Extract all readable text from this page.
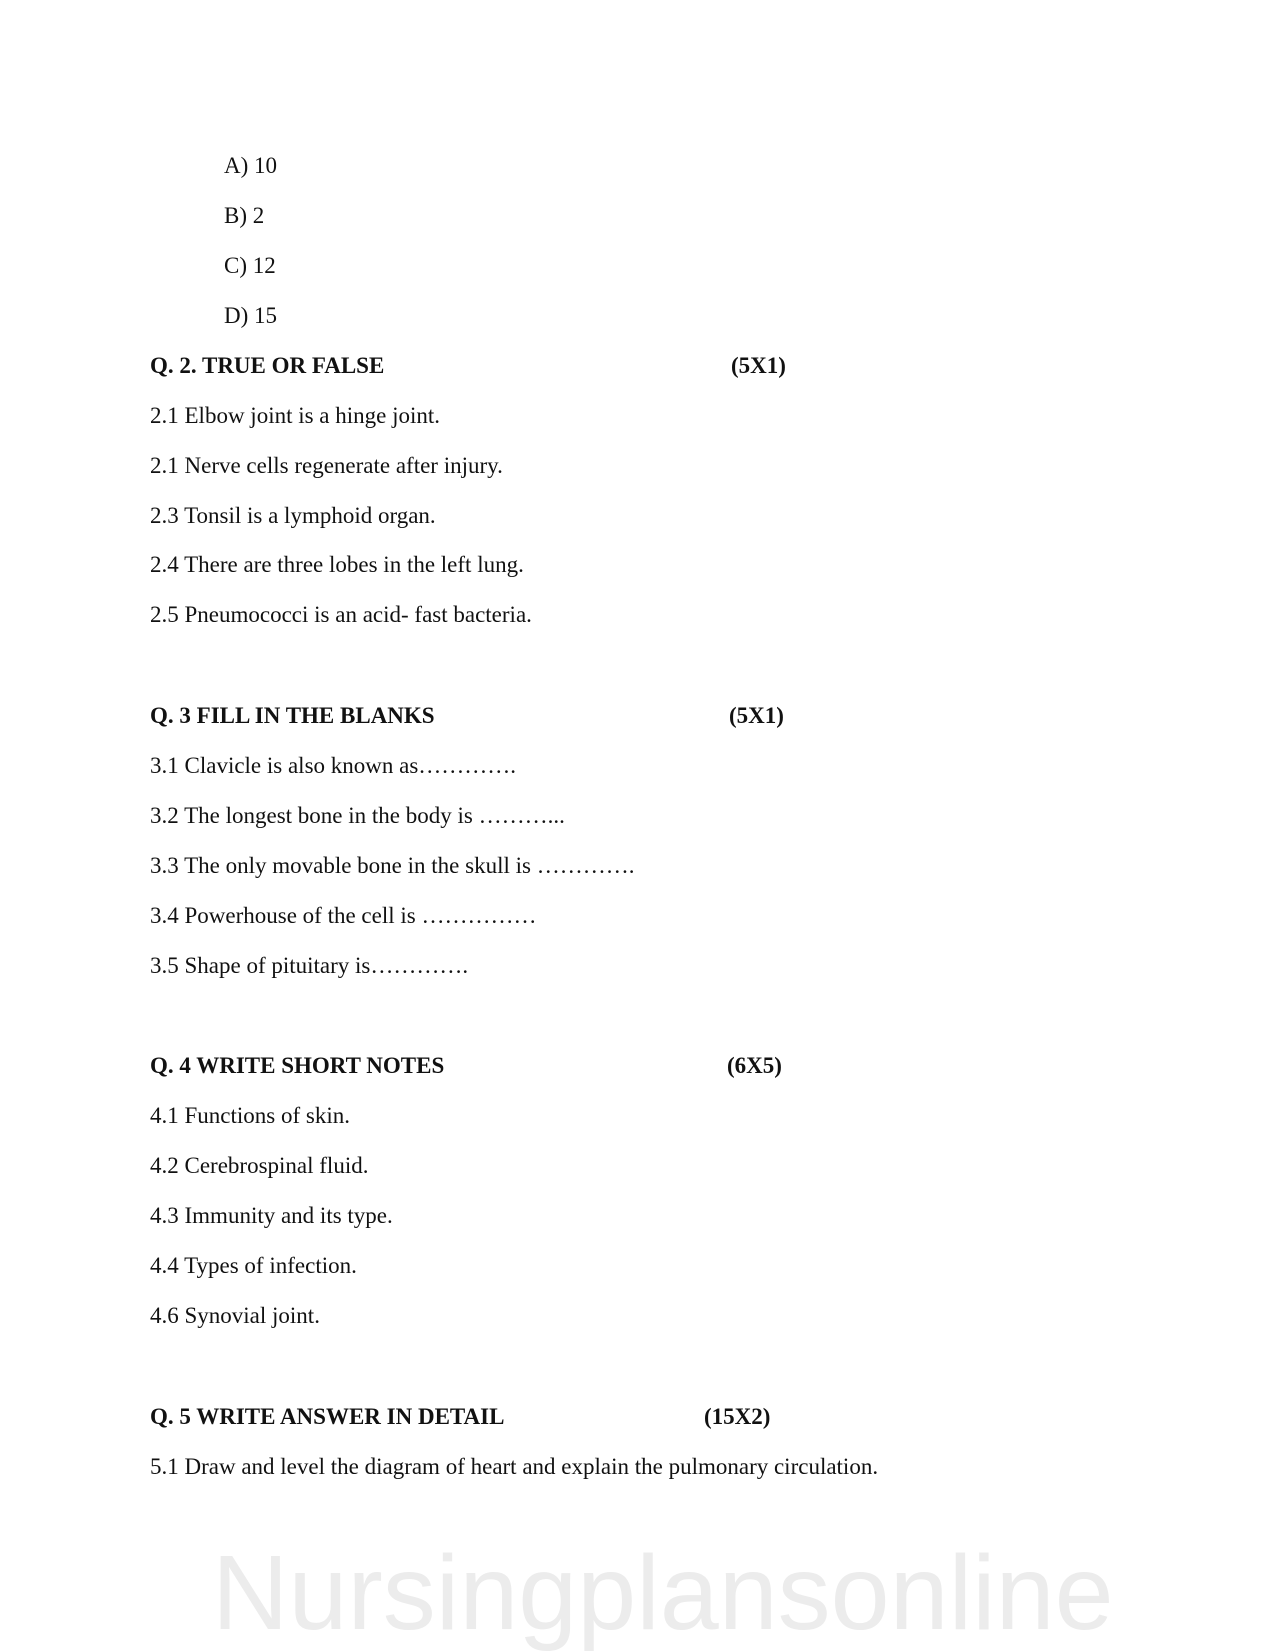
A) 10
B) 2
C) 12
D) 15
Q. 2. TRUE OR FALSE	(5X1)
2.1 Elbow joint is a hinge joint.
2.1 Nerve cells regenerate after injury.
2.3 Tonsil is a lymphoid organ.
2.4 There are three lobes in the left lung.
2.5 Pneumococci is an acid- fast bacteria.
Q. 3 FILL IN THE BLANKS	(5X1)
3.1 Clavicle is also known as………….
3.2 The longest bone in the body is ………...
3.3 The only movable bone in the skull is ………….
3.4 Powerhouse of the cell is ……………
3.5 Shape of pituitary is………….
Q. 4 WRITE SHORT NOTES	(6X5)
4.1 Functions of skin.
4.2 Cerebrospinal fluid.
4.3 Immunity and its type.
4.4 Types of infection.
4.6 Synovial joint.
Q. 5 WRITE ANSWER IN DETAIL	(15X2)
5.1 Draw and level the diagram of heart and explain the pulmonary circulation.
Nursingplansonline
